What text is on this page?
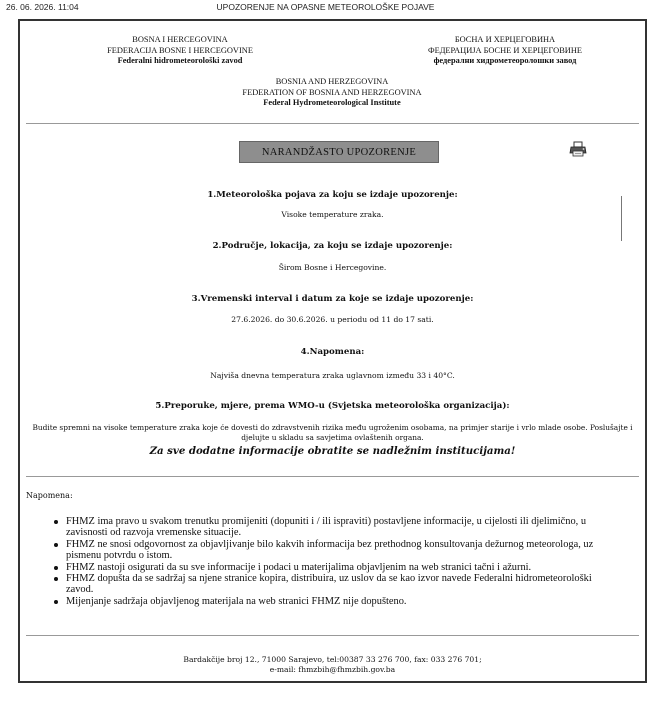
26. 06. 2026. 11:04	UPOZORENJE NA OPASNE METEOROLOŠKE POJAVE
BOSNA I HERCEGOVINA
FEDERACIJA BOSNE I HERCEGOVINE
Federalni hidrometeorološki zavod
БОСНА И ХЕРЦЕГОВИНА
ФЕДЕРАЦИЈА БОСНЕ И ХЕРЦЕГОВИНЕ
федерални хидрометеоролошки завод
BOSNIA AND HERZEGOVINA
FEDERATION OF BOSNIA AND HERZEGOVINA
Federal Hydrometeorological Institute
NARANDŽASTO UPOZORENJE
1.Meteorološka pojava za koju se izdaje upozorenje:
Visoke temperature zraka.
2.Područje, lokacija, za koju se izdaje upozorenje:
Širom Bosne i Hercegovine.
3.Vremenski interval i datum za koje se izdaje upozorenje:
27.6.2026. do 30.6.2026. u periodu od 11 do 17 sati.
4.Napomena:
Najviša dnevna temperatura zraka uglavnom između 33 i 40°C.
5.Preporuke, mjere, prema WMO-u (Svjetska meteorološka organizacija):
Budite spremni na visoke temperature zraka koje će dovesti do zdravstvenih rizika među ugroženim osobama, na primjer starije i vrlo mlade osobe. Poslušajte i djelujte u skladu sa savjetima ovlaštenih organa.
Za sve dodatne informacije obratite se nadležnim institucijama!
Napomena:
FHMZ ima pravo u svakom trenutku promijeniti (dopuniti i / ili ispraviti) postavljene informacije, u cijelosti ili djelimično, u zavisnosti od razvoja vremenske situacije.
FHMZ ne snosi odgovornost za objavljivanje bilo kakvih informacija bez prethodnog konsultovanja dežurnog meteorologa, uz pismenu potvrdu o istom.
FHMZ nastoji osigurati da su sve informacije i podaci u materijalima objavljenim na web stranici tačni i ažurni.
FHMZ dopušta da se sadržaj sa njene stranice kopira, distribuira, uz uslov da se kao izvor navede Federalni hidrometeorološki zavod.
Mijenjanje sadržaja objavljenog materijala na web stranici FHMZ nije dopušteno.
Bardakčije broj 12., 71000 Sarajevo, tel:00387 33 276 700, fax: 033 276 701;
e-mail: fhmzbih@fhmzbih.gov.ba
